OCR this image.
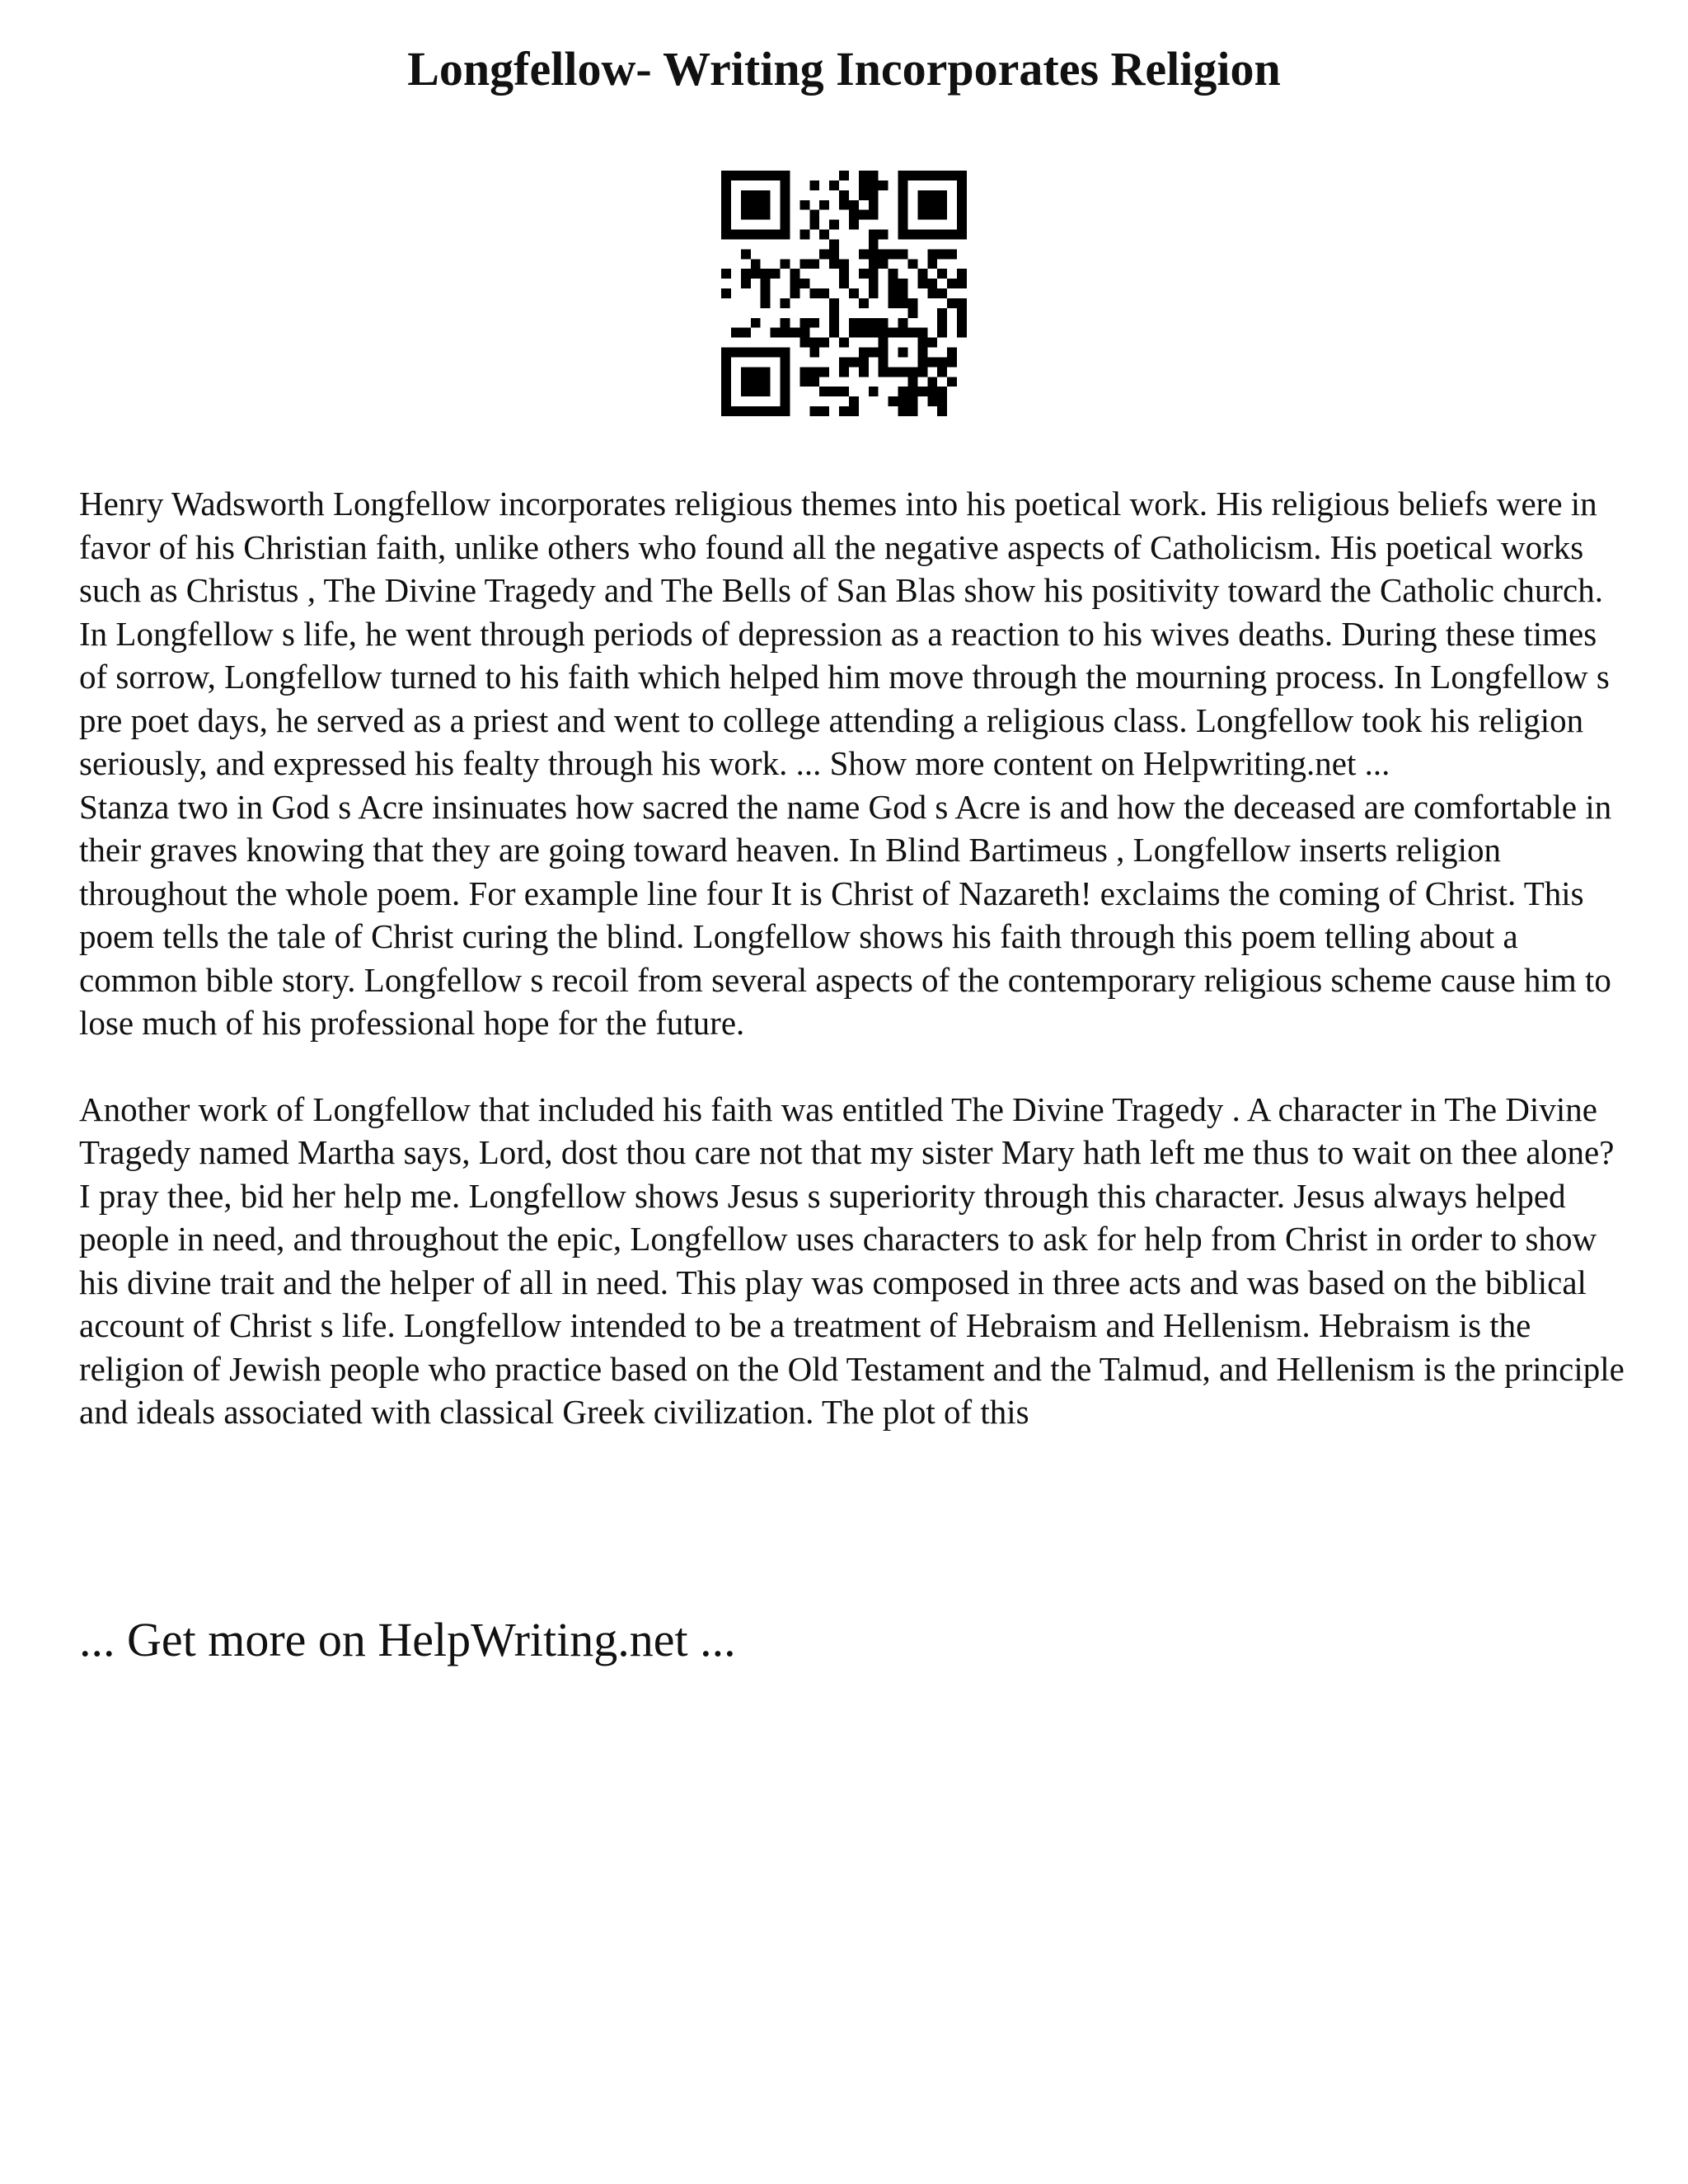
Longfellow- Writing Incorporates Religion

Henry Wadsworth Longfellow incorporates religious themes into his poetical work. His religious beliefs were in favor of his Christian faith, unlike others who found all the negative aspects of Catholicism. His poetical works such as Christus , The Divine Tragedy and The Bells of San Blas show his positivity toward the Catholic church. In Longfellow s life, he went through periods of depression as a reaction to his wives deaths. During these times of sorrow, Longfellow turned to his faith which helped him move through the mourning process. In Longfellow s pre poet days, he served as a priest and went to college attending a religious class. Longfellow took his religion seriously, and expressed his fealty through his work. ... Show more content on Helpwriting.net ...

Stanza two in God s Acre insinuates how sacred the name God s Acre is and how the deceased are comfortable in their graves knowing that they are going toward heaven. In Blind Bartimeus , Longfellow inserts religion throughout the whole poem. For example line four It is Christ of Nazareth! exclaims the coming of Christ. This poem tells the tale of Christ curing the blind. Longfellow shows his faith through this poem telling about a common bible story. Longfellow s recoil from several aspects of the contemporary religious scheme cause him to lose much of his professional hope for the future.

Another work of Longfellow that included his faith was entitled The Divine Tragedy . A character in The Divine Tragedy named Martha says, Lord, dost thou care not that my sister Mary hath left me thus to wait on thee alone? I pray thee, bid her help me. Longfellow shows Jesus s superiority through this character. Jesus always helped people in need, and throughout the epic, Longfellow uses characters to ask for help from Christ in order to show his divine trait and the helper of all in need. This play was composed in three acts and was based on the biblical account of Christ s life. Longfellow intended to be a treatment of Hebraism and Hellenism. Hebraism is the religion of Jewish people who practice based on the Old Testament and the Talmud, and Hellenism is the principle and ideals associated with classical Greek civilization. The plot of this

... Get more on HelpWriting.net ...
